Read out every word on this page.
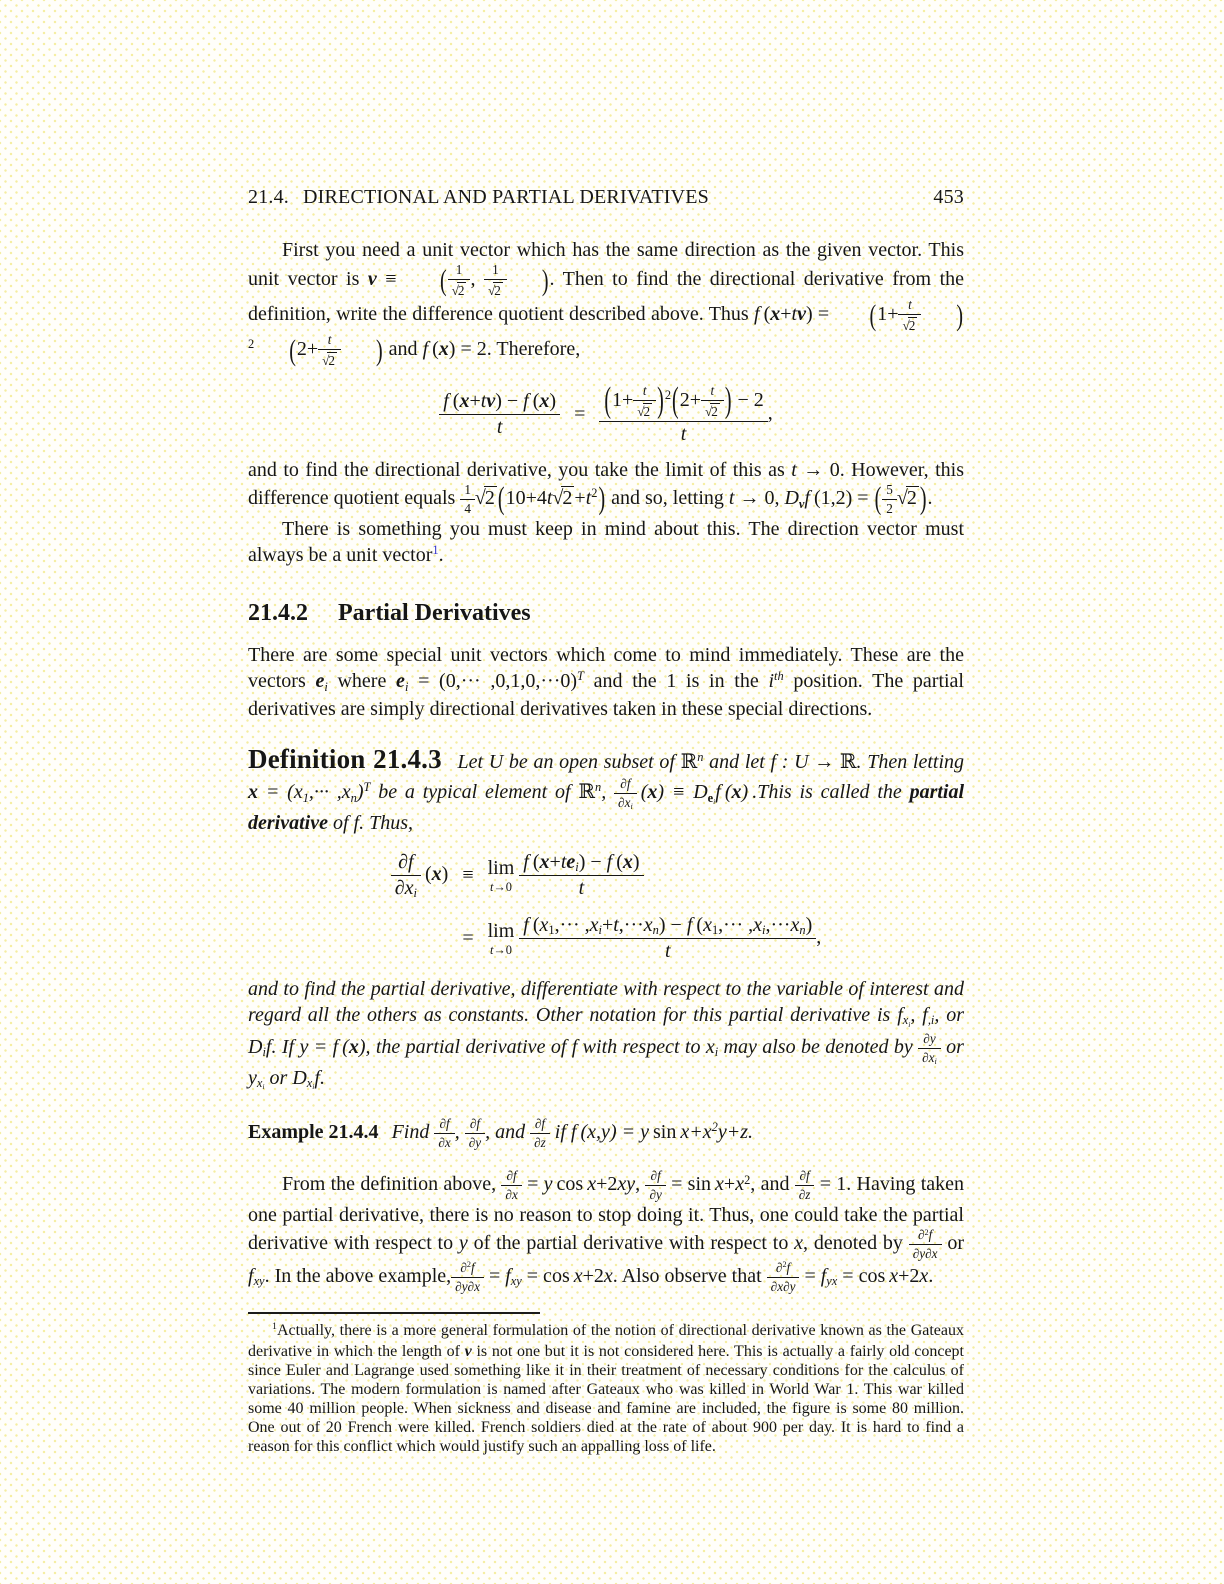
21.4. DIRECTIONAL AND PARTIAL DERIVATIVES	453
First you need a unit vector which has the same direction as the given vector. This unit vector is v ≡ ( $\frac{1}{√2}$ , $\frac{1}{√2}$ ). Then to find the directional derivative from the definition, write the difference quotient described above. Thus f $(x+tv) = (1+ \frac{t}{√2} )^2$ ($2+ \frac{t}{√2}$ ) and f (x) = 2. Therefore,
$\frac{f (x+tv) - f (x)}{t} = \frac{(1+ \frac{t}{√2} )^2(2+ \frac{t}{√2} ) - 2}{t}$ ,
and to find the directional derivative, you take the limit of this as t → 0. However, this difference quotient equals $\frac{1}{4} √2$ $(10+4t√2 +t^2)$ and so, letting t → 0, Dvf (1,2) = ( $\frac{5}{2} √2$ ).
There is something you must keep in mind about this. The direction vector must always be a unit vector$^1$.
21.4.2 Partial Derivatives
There are some special unit vectors which come to mind immediately. These are the vectors ei where ei = $(0,\cdot\cdot\cdot ,0,1,0,\cdot\cdot\cdot 0)^T$ and the 1 is in the $i^{th}$ position. The partial derivatives are simply directional derivatives taken in these special directions.
Definition 21.4.3 Let U be an open subset of ℝ$^n$ and let f : U → ℝ. Then letting $x = (x1,\cdot\cdot\cdot ,xn)^T$ be a typical element of ℝ$^n$, $\frac{\partial f}{\partial xi} (x)$ ≡ Deif (x) .This is called the partial derivative of f. Thus,
$\frac{\partial f}{\partial xi} (x) \equiv \lim$
$t\to 0 \frac{\text{f (x+tei) − f (x)}}{t}$
= lim
$t\to 0 \frac{f (x1,\cdot\cdot\cdot ,xi+t,\cdot\cdot\cdot xn) - f (x1,\cdot\cdot\cdot ,xi,\cdot\cdot\cdot xn)}{t}$ ,
and to find the partial derivative, differentiate with respect to the variable of interest and regard all the others as constants. Other notation for this partial derivative is fxi, f,i, or Dif. If y = f (x), the partial derivative of f with respect to xi may also be denoted by $\frac{\partial y}{\partial xi}$ or yxi or Dxif.
Example 21.4.4 Find $\frac{\partial f}{\partial x}$ , $\frac{\partial f}{\partial y}$ , and $\frac{\partial f}{\partial z}$ if f (x,y) = y $\sin x+x^2y+z$.
From the definition above, $\frac{\partial f}{\partial x} = y$ cos x+2xy, $\frac{\partial f}{\partial y} = \sin x+x^2$, and $\frac{\partial f}{\partial z} = 1$. Having taken one partial derivative, there is no reason to stop doing it. Thus, one could take the partial derivative with respect to y of the partial derivative with respect to x, denoted by $\frac{\partial^2f}{\partial y\partial x}$ or fxy. In the above example, $\frac{\partial^2f}{\partial y\partial x}$ = fxy = cos x+2x. Also observe that $\frac{\partial^2f}{\partial x\partial y}$ = fyx = cos x+2x.
$^1$Actually, there is a more general formulation of the notion of directional derivative known as the Gateaux derivative in which the length of v is not one but it is not considered here. This is actually a fairly old concept since Euler and Lagrange used something like it in their treatment of necessary conditions for the calculus of variations. The modern formulation is named after Gateaux who was killed in World War 1. This war killed some 40 million people. When sickness and disease and famine are included, the figure is some 80 million. One out of 20 French were killed. French soldiers died at the rate of about 900 per day. It is hard to find a reason for this conflict which would justify such an appalling loss of life.
